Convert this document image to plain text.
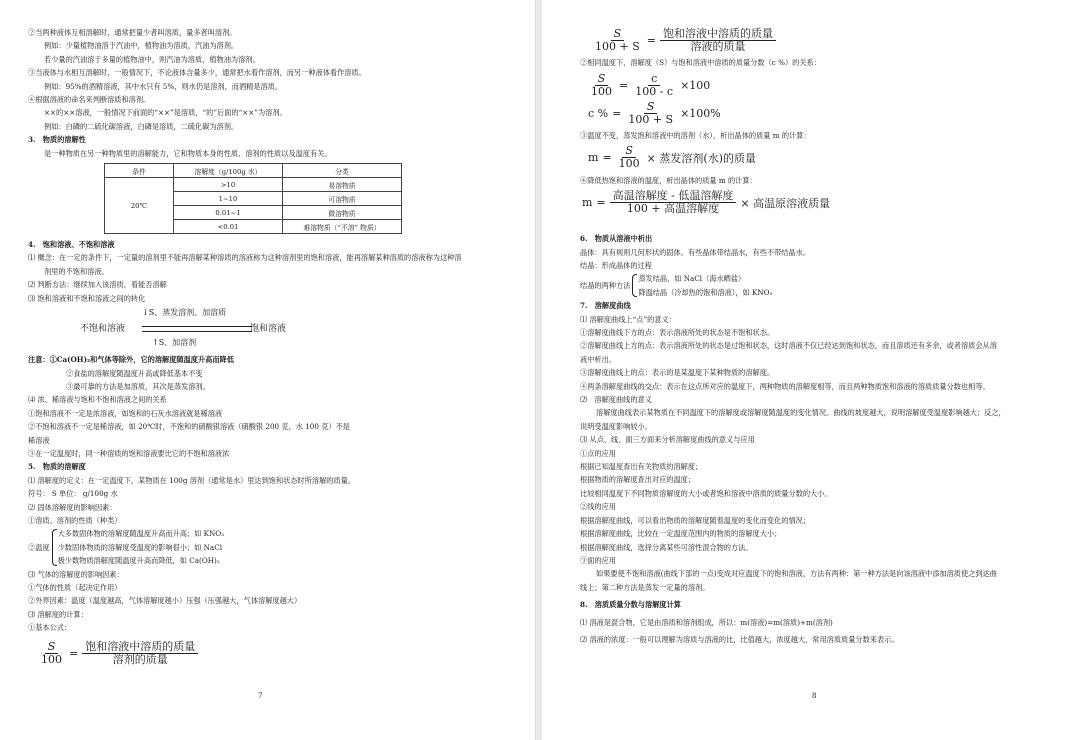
②当两种液体互相溶解时，通常把量少者叫溶质，量多者叫溶剂。
例如：少量植物油溶于汽油中，植物油为溶质，汽油为溶剂。
若少量的汽油溶于多量的植物油中，则汽油为溶质，植物油为溶剂。
③当液体与水相互溶解时，一般情况下，不论液体含量多少，通常把水看作溶剂，而另一种液体看作溶质。
例如：95%的酒精溶液，其中水只有 5%，则水仍是溶剂，而酒精是溶质。
④根据溶液的命名来判断溶质和溶剂。
××的××溶液，一般情况下前面的“××”是溶质，“的”后面的“××”为溶剂。
例如：白磷的二硫化碳溶液，白磷是溶质，二硫化碳为溶剂。
3.　物质的溶解性
是一种物质在另一种物质里的溶解能力，它和物质本身的性质、溶剂的性质以及温度有关。
条件	溶解度（g/100g 水）	分类
20℃	>10	易溶物质
	1~10	可溶物质
	0.01~1	微溶物质
	<0.01	难溶物质（“不溶” 物质）
4.　饱和溶液、不饱和溶液
⑴ 概念：在一定的条件下，一定量的溶剂里不能再溶解某种溶质的溶液称为这种溶剂里的饱和溶液，能再溶解某种溶质的溶液称为这种溶
剂里的不饱和溶液。
⑵ 判断方法：继续加入该溶质，看能否溶解
⑶ 饱和溶液和不饱和溶液之间的转化
不饱和溶液
↓S、蒸发溶剂、加溶质
↑S、加溶剂
饱和溶液
注意：①Ca(OH)₂和气体等除外，它的溶解度随温度升高而降低
②食盐的溶解度随温度升高或降低基本不变
③最可靠的方法是加溶质，其次是蒸发溶剂。
⑷ 浓、稀溶液与饱和不饱和溶液之间的关系
①饱和溶液不一定是浓溶液，如饱和的石灰水溶液就是稀溶液
②不饱和溶液不一定是稀溶液，如 20℃时，不饱和的硝酸银溶液（硝酸银 200 克，水 100 克）不是
稀溶液
③在一定温度时，同一种溶质的饱和溶液要比它的不饱和溶液浓
5.　物质的溶解度
⑴ 溶解度的定义：在一定温度下，某物质在 100g 溶剂（通常是水）里达到饱和状态时所溶解的质量。
符号： S 单位： g/100g 水
⑵ 固体溶解度的影响因素：
①溶质、溶剂的性质（种类）
②温度
大多数固体物的溶解度随温度升高而升高；如 KNO₃
少数固体物质的溶解度受温度的影响很小；如 NaCl
极少数物质溶解度随温度升高而降低，如 Ca(OH)₂
⑶ 气体的溶解度的影响因素：
①气体的性质（起决定作用）
②外界因素：温度（温度越高，气体溶解度越小）压强（压强越大，气体溶解度越大）
⑶ 溶解度的计算：
①基本公式：
$\frac{S}{100} = \frac{\text{饱和溶液中溶质的质量}}{\text{溶剂的质量}}$
7
$\frac{S}{100 + S} = \frac{\text{饱和溶液中溶质的质量}}{\text{溶液的质量}}$
②相同温度下，溶解度（S）与饱和溶液中溶质的质量分数（c %）的关系：
$\frac{S}{100} = \frac{c}{100 - c} \times 100$
c % = $\frac{S}{100 + S} \times 100\%$
③温度不变，蒸发饱和溶液中的溶剂（水），析出晶体的质量 m 的计算：
$m = \frac{S}{100}$ × 蒸发溶剂(水)的质量
④降低热饱和溶液的温度，析出晶体的质量 m 的计算：
$m = \frac{\text{高温溶解度 - 低温溶解度}}{\text{100 + 高温溶解度}}$ × 高温原溶液质量
6.　物质从溶液中析出
晶体：具有规则几何形状的固体。有些晶体带结晶水，有些不带结晶水。
结晶：形成晶体的过程
结晶的两种方法
蒸发结晶，如 NaCl（海水晒盐）
降温结晶（冷却热的饱和溶液），如 KNO₃
7.　溶解度曲线
⑴ 溶解度曲线上“点”的意义：
①溶解度曲线下方的点：表示溶液所处的状态是不饱和状态。
②溶解度曲线上方的点：表示溶液所处的状态是过饱和状态，这时溶液不仅已经达到饱和状态，而且溶质还有多余，或者溶质会从溶
液中析出。
③溶解度曲线上的点：表示的是某温度下某种物质的溶解度。
④两条溶解度曲线的交点：表示在这点所对应的温度下，两种物质的溶解度相等，而且两种物质饱和溶液的溶质质量分数也相等。
⑵　溶解度曲线的意义
溶解度曲线表示某物质在不同温度下的溶解度或溶解度随温度的变化情况。曲线的坡度越大，说明溶解度受温度影响越大；反之，
说明受温度影响较小。
⑶ 从点、线、面三方面来分析溶解度曲线的意义与应用
①点的应用
根据已知温度查出有关物质的溶解度；
根据物质的溶解度查出对应的温度；
比较相同温度下不同物质溶解度的大小或者饱和溶液中溶质的质量分数的大小。
②线的应用
根据溶解度曲线，可以看出物质的溶解度随着温度的变化而变化的情况；
根据溶解度曲线，比较在一定温度范围内的物质的溶解度大小；
根据溶解度曲线，选择分离某些可溶性混合物的方法。
③面的应用
如果要使不饱和溶液(曲线下部的一点)变成对应温度下的饱和溶液，方法有两种：第一种方法是向该溶液中添加溶质使之到达曲
线上；第二种方法是蒸发一定量的溶剂。
8.　溶质质量分数与溶解度计算
⑴ 溶液是混合物，它是由溶质和溶剂组成，所以：m(溶液)=m(溶质)+m(溶剂)
⑵ 溶液的浓度：一般可以理解为溶质与溶液的比，比值越大，浓度越大，常用溶质质量分数来表示。
8
